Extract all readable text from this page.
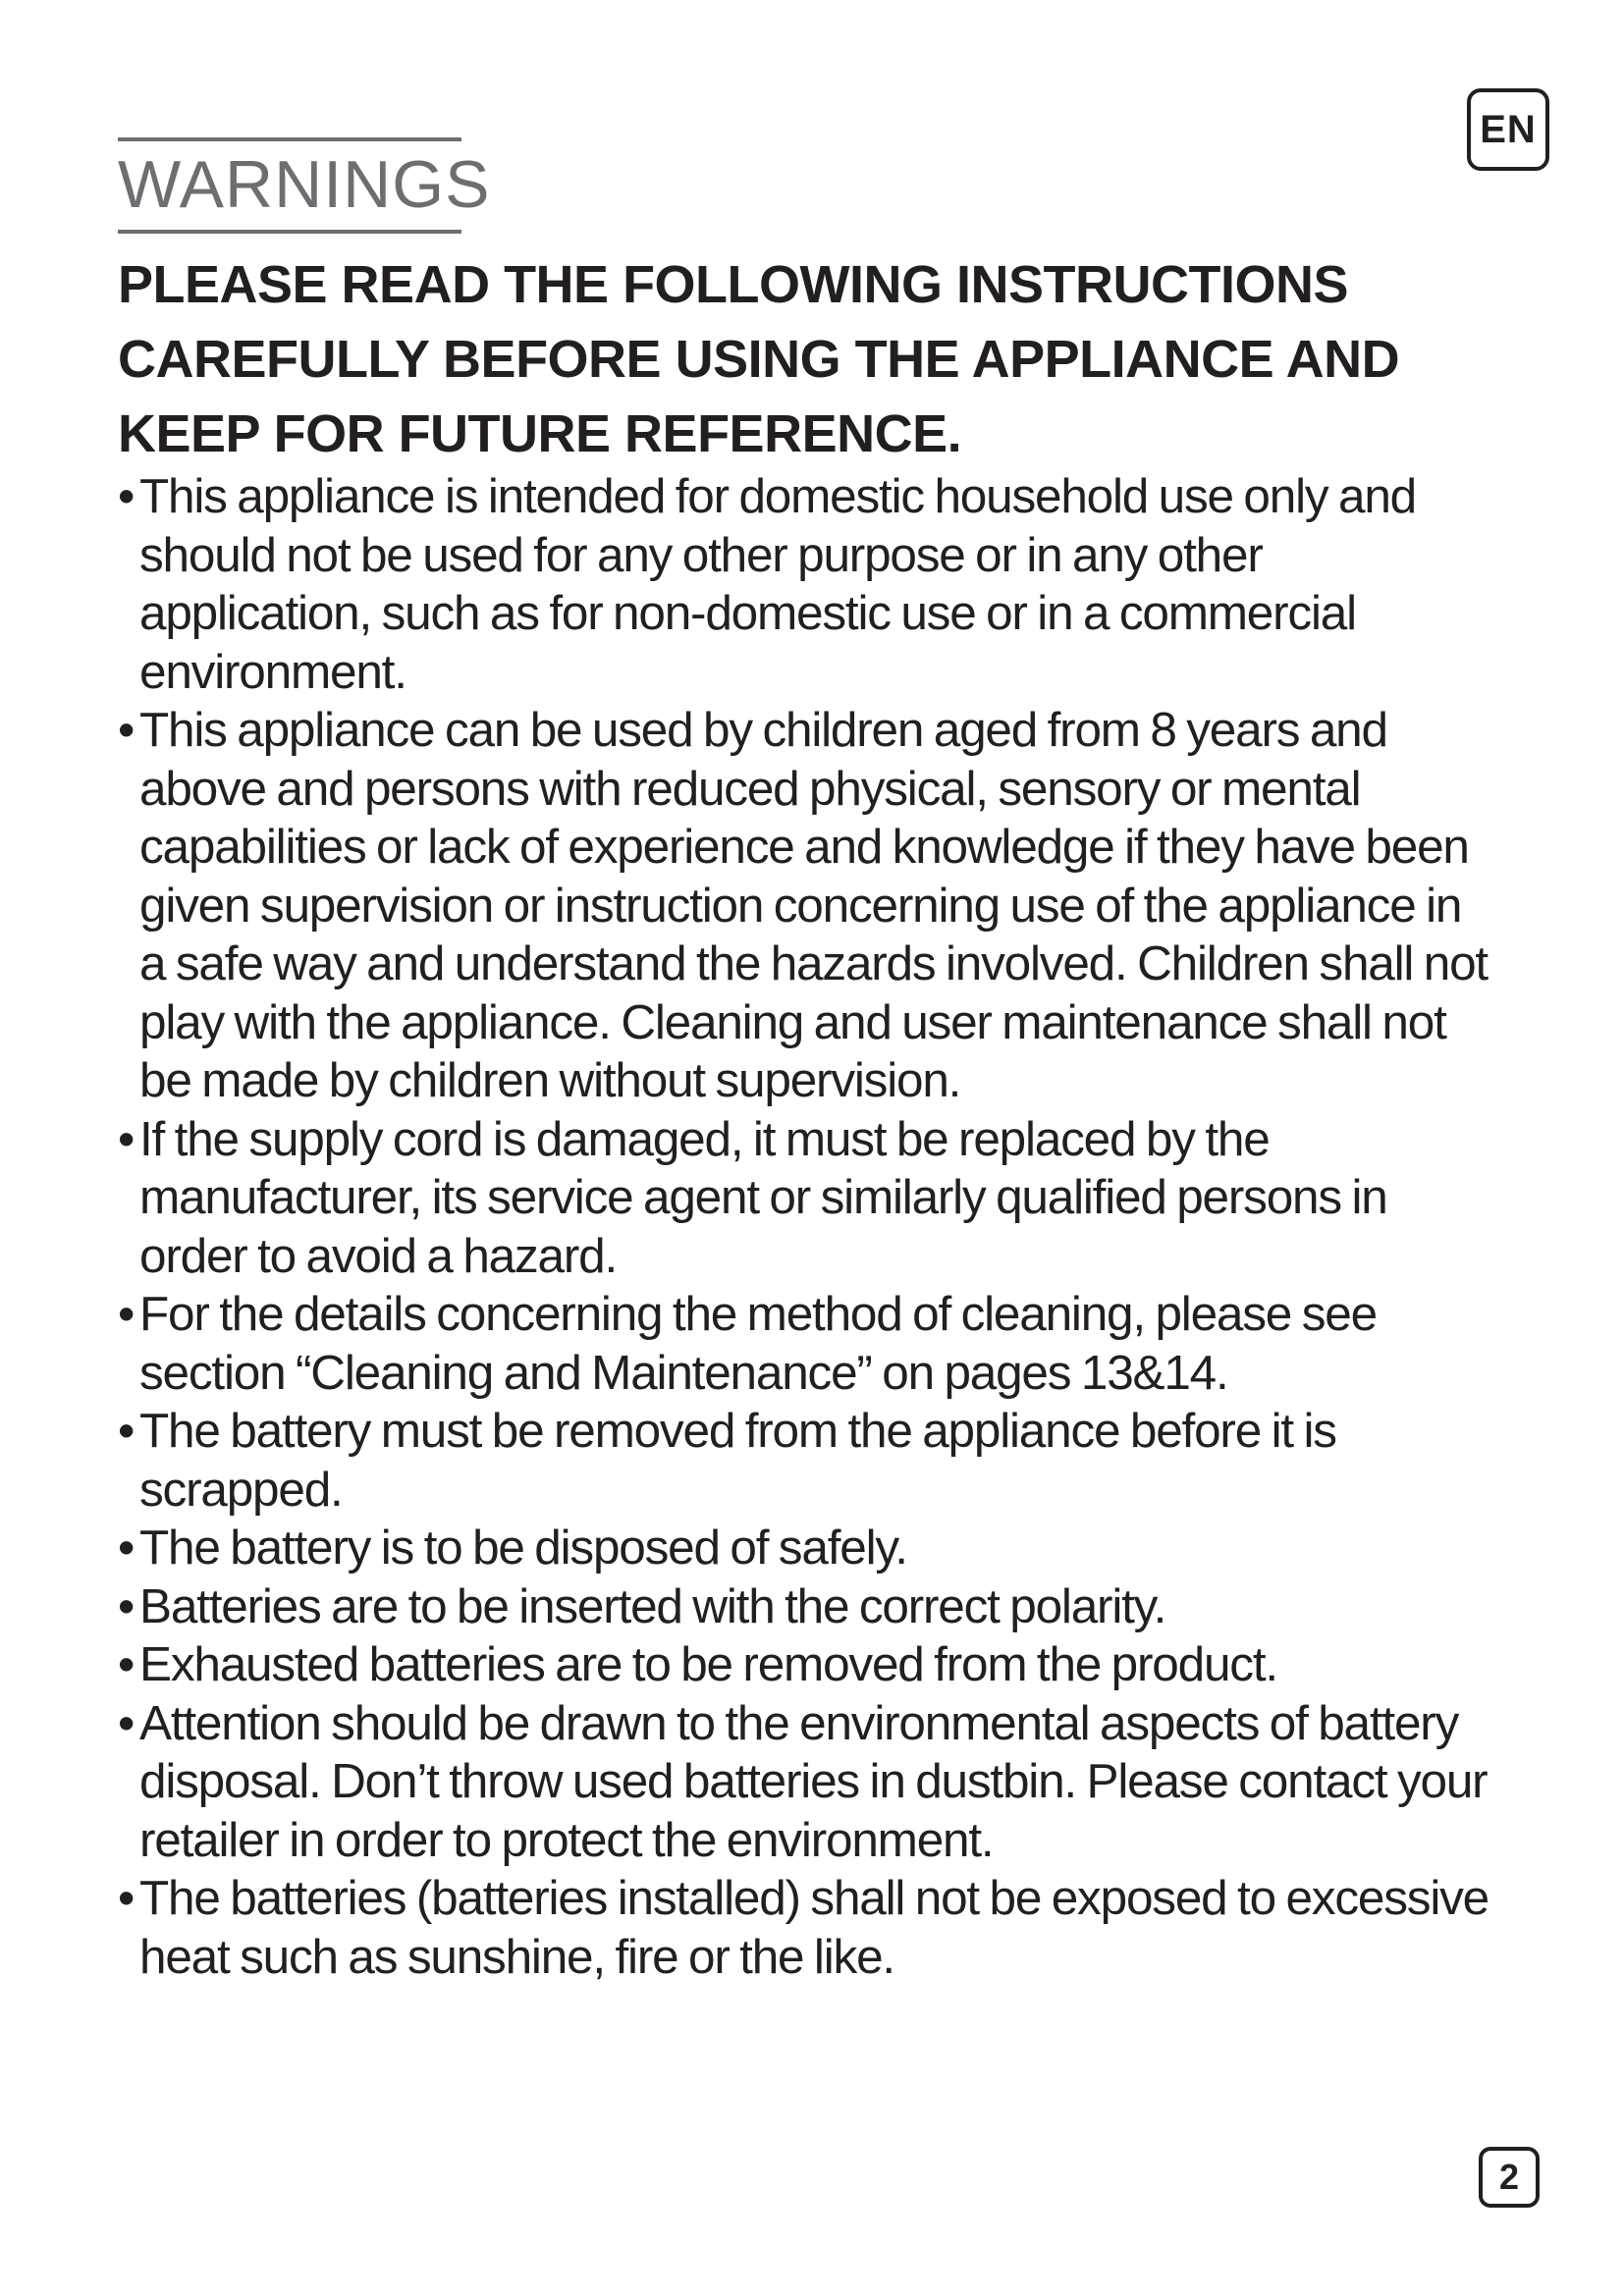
EN
WARNINGS
PLEASE READ THE FOLLOWING INSTRUCTIONS CAREFULLY BEFORE USING THE APPLIANCE AND KEEP FOR FUTURE REFERENCE.
• This appliance is intended for domestic household use only and should not be used for any other purpose or in any other application, such as for non-domestic use or in a commercial environment.
• This appliance can be used by children aged from 8 years and above and persons with reduced physical, sensory or mental capabilities or lack of experience and knowledge if they have been given supervision or instruction concerning use of the appliance in a safe way and understand the hazards involved. Children shall not play with the appliance. Cleaning and user maintenance shall not be made by children without supervision.
• If the supply cord is damaged, it must be replaced by the manufacturer, its service agent or similarly qualified persons in order to avoid a hazard.
• For the details concerning the method of cleaning, please see section “Cleaning and Maintenance” on pages 13&14.
• The battery must be removed from the appliance before it is scrapped.
• The battery is to be disposed of safely.
• Batteries are to be inserted with the correct polarity.
• Exhausted batteries are to be removed from the product.
• Attention should be drawn to the environmental aspects of battery disposal. Don’t throw used batteries in dustbin. Please contact your retailer in order to protect the environment.
• The batteries (batteries installed) shall not be exposed to excessive heat such as sunshine, fire or the like.
2
